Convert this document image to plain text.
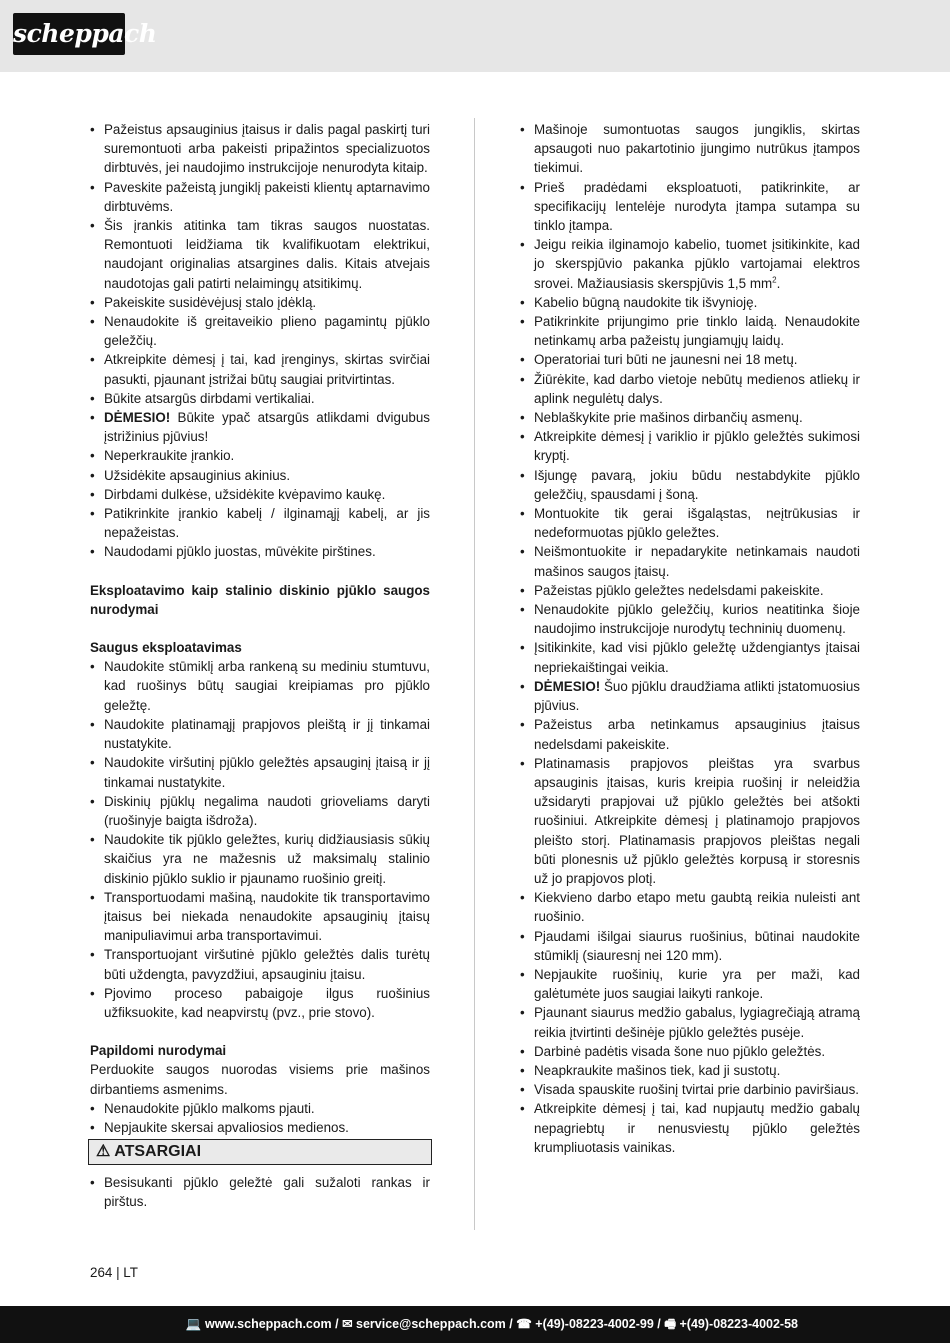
scheppach
• Pažeistus apsauginius įtaisus ir dalis pagal paskirtį turi suremontuoti arba pakeisti pripažintos specializuotos dirbtuvės, jei naudojimo instrukcijoje nenurodyta kitaip.
• Paveskite pažeistą jungiklį pakeisti klientų aptarnavimo dirbtuvėms.
• Šis įrankis atitinka tam tikras saugos nuostatas. Remontuoti leidžiama tik kvalifikuotam elektrikui, naudojant originalias atsargines dalis. Kitais atvejais naudotojas gali patirti nelaimingų atsitikimų.
• Pakeiskite susidėvėjusį stalo įdėklą.
• Nenaudokite iš greitaveikio plieno pagamintų pjūklo geležčių.
• Atkreipkite dėmesį į tai, kad įrenginys, skirtas svirčiai pasukti, pjaunant įstrižai būtų saugiai pritvirtintas.
• Būkite atsargūs dirbdami vertikaliai.
• DĖMESIO! Būkite ypač atsargūs atlikdami dvigubus įstrižinius pjūvius!
• Neperkraukite įrankio.
• Užsidėkite apsauginius akinius.
• Dirbdami dulkėse, užsidėkite kvėpavimo kaukę.
• Patikrinkite įrankio kabelį / ilginamąjį kabelį, ar jis nepažeistas.
• Naudodami pjūklo juostas, mūvėkite pirštines.
Eksploatavimo kaip stalinio diskinio pjūklo saugos nurodymai
Saugus eksploatavimas
• Naudokite stūmiklį arba rankeną su mediniu stumtuvu, kad ruošinys būtų saugiai kreipiamas pro pjūklo geležtę.
• Naudokite platinamąjį prapjovos pleištą ir jį tinkamai nustatykite.
• Naudokite viršutinį pjūklo geležtės apsauginį įtaisą ir jį tinkamai nustatykite.
• Diskinių pjūklų negalima naudoti grioveliams daryti (ruošinyje baigta išdroža).
• Naudokite tik pjūklo geležtes, kurių didžiausiasis sūkių skaičius yra ne mažesnis už maksimalų stalinio diskinio pjūklo suklio ir pjaunamo ruošinio greitį.
• Transportuodami mašiną, naudokite tik transportavimo įtaisus bei niekada nenaudokite apsauginių įtaisų manipuliavimui arba transportavimui.
• Transportuojant viršutinė pjūklo geležtės dalis turėtų būti uždengta, pavyzdžiui, apsauginiu įtaisu.
• Pjovimo proceso pabaigoje ilgus ruošinius užfiksuokite, kad neapvirstų (pvz., prie stovo).
Papildomi nurodymai
Perduokite saugos nuorodas visiems prie mašinos dirbantiems asmenims.
• Nenaudokite pjūklo malkoms pjauti.
• Nepjaukite skersai apvaliosios medienos.
⚠ ATSARGIAI
• Besisukanti pjūklo geležtė gali sužaloti rankas ir pirštus.
• Mašinoje sumontuotas saugos jungiklis, skirtas apsaugoti nuo pakartotinio įjungimo nutrūkus įtampos tiekimui.
• Prieš pradėdami eksploatuoti, patikrinkite, ar specifikacijų lentelėje nurodyta įtampa sutampa su tinklo įtampa.
• Jeigu reikia ilginamojo kabelio, tuomet įsitikinkite, kad jo skerspjūvio pakanka pjūklo vartojamai elektros srovei. Mažiausiasis skerspjūvis 1,5 $mm^2$.
• Kabelio būgną naudokite tik išvynioję.
• Patikrinkite prijungimo prie tinklo laidą. Nenaudokite netinkamų arba pažeistų jungiamųjų laidų.
• Operatoriai turi būti ne jaunesni nei 18 metų.
• Žiūrėkite, kad darbo vietoje nebūtų medienos atliekų ir aplink negulėtų dalys.
• Neblaškykite prie mašinos dirbančių asmenų.
• Atkreipkite dėmesį į variklio ir pjūklo geležtės sukimosi kryptį.
• Išjungę pavarą, jokiu būdu nestabdykite pjūklo geležčių, spausdami į šoną.
• Montuokite tik gerai išgaląstas, neįtrūkusias ir nedeformuotas pjūklo geležtes.
• Neišmontuokite ir nepadarykite netinkamais naudoti mašinos saugos įtaisų.
• Pažeistas pjūklo geležtes nedelsdami pakeiskite.
• Nenaudokite pjūklo geležčių, kurios neatitinka šioje naudojimo instrukcijoje nurodytų techninių duomenų.
• Įsitikinkite, kad visi pjūklo geležtę uždengiantys įtaisai nepriekaištingai veikia.
• DĖMESIO! Šuo pjūklu draudžiama atlikti įstatomuosius pjūvius.
• Pažeistus arba netinkamus apsauginius įtaisus nedelsdami pakeiskite.
• Platinamasis prapjovos pleištas yra svarbus apsauginis įtaisas, kuris kreipia ruošinį ir neleidžia užsidaryti prapjovai už pjūklo geležtės bei atšokti ruošiniui. Atkreipkite dėmesį į platinamojo prapjovos pleišto storį. Platinamasis prapjovos pleištas negali būti plonesnis už pjūklo geležtės korpusą ir storesnis už jo prapjovos plotį.
• Kiekvieno darbo etapo metu gaubtą reikia nuleisti ant ruošinio.
• Pjaudami išilgai siaurus ruošinius, būtinai naudokite stūmiklį (siauresnį nei 120 mm).
• Nepjaukite ruošinių, kurie yra per maži, kad galėtumėte juos saugiai laikyti rankoje.
• Pjaunant siaurus medžio gabalus, lygiagrečiąją atramą reikia įtvirtinti dešinėje pjūklo geležtės pusėje.
• Darbinė padėtis visada šone nuo pjūklo geležtės.
• Neapkraukite mašinos tiek, kad ji sustotų.
• Visada spauskite ruošinį tvirtai prie darbinio paviršiaus.
• Atkreipkite dėmesį į tai, kad nupjautų medžio gabalų nepagriebtų ir nenusviestų pjūklo geležtės krumpliuotasis vainikas.
264 | LT
💻 www.scheppach.com / ✉ service@scheppach.com / ☎ +(49)-08223-4002-99 / 🖷 +(49)-08223-4002-58
